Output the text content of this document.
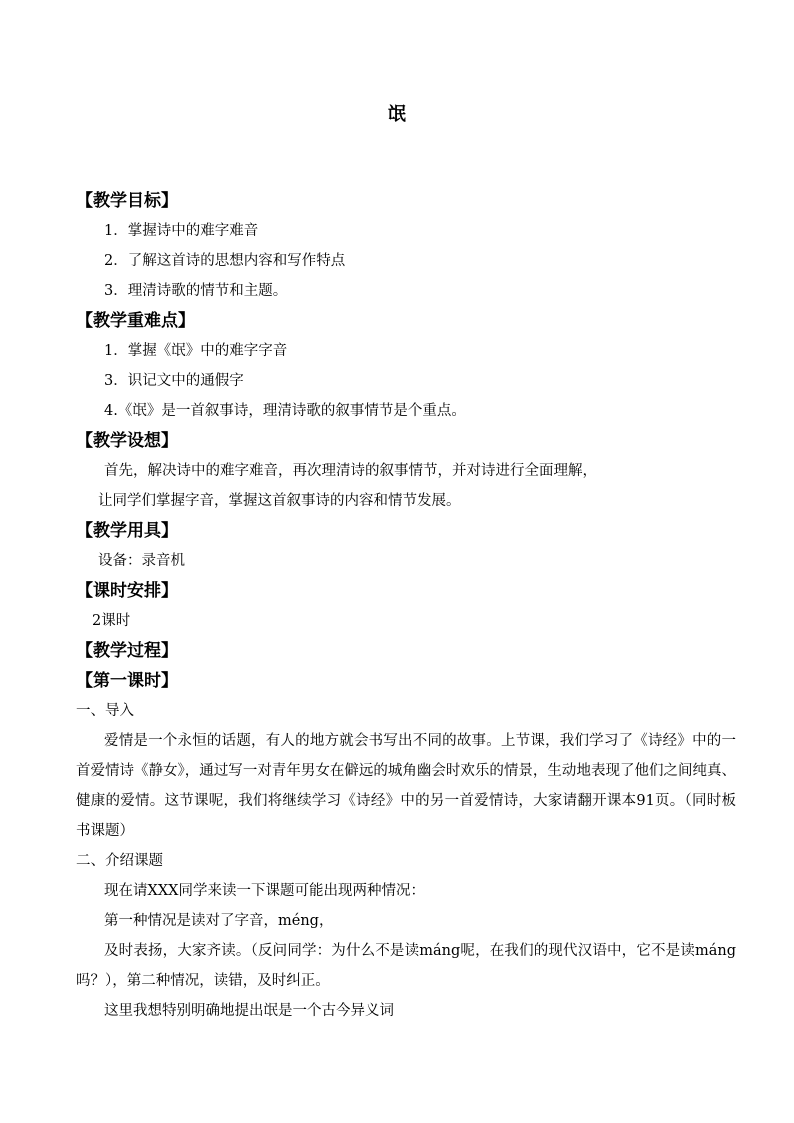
氓
【教学目标】
1．掌握诗中的难字难音
2．了解这首诗的思想内容和写作特点
3．理清诗歌的情节和主题。
【教学重难点】
1．掌握《氓》中的难字字音
3．识记文中的通假字
4.《氓》是一首叙事诗，理清诗歌的叙事情节是个重点。
【教学设想】
首先，解决诗中的难字难音，再次理清诗的叙事情节，并对诗进行全面理解，
让同学们掌握字音，掌握这首叙事诗的内容和情节发展。
【教学用具】
设备：录音机
【课时安排】
2课时
【教学过程】
【第一课时】
一、导入
爱情是一个永恒的话题，有人的地方就会书写出不同的故事。上节课，我们学习了《诗经》中的一首爱情诗《静女》，通过写一对青年男女在僻远的城角幽会时欢乐的情景，生动地表现了他们之间纯真、健康的爱情。这节课呢，我们将继续学习《诗经》中的另一首爱情诗，大家请翻开课本91页。（同时板书课题）
二、介绍课题
现在请XXX同学来读一下课题可能出现两种情况：
第一种情况是读对了字音，méng，
及时表扬，大家齐读。（反问同学：为什么不是读máng呢，在我们的现代汉语中，它不是读máng吗？），第二种情况，读错，及时纠正。
这里我想特别明确地提出氓是一个古今异义词
